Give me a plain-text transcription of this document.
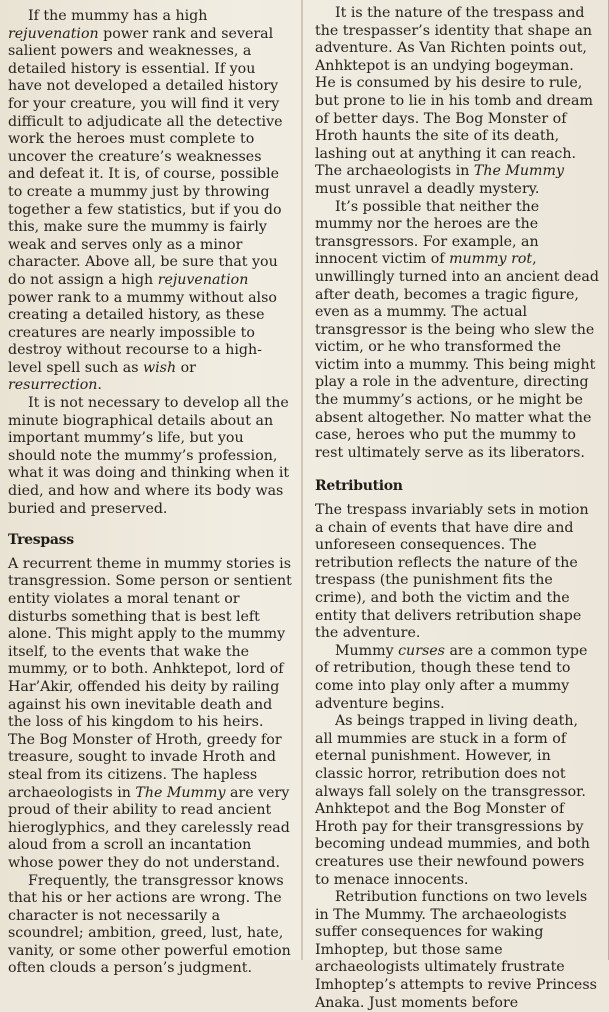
If the mummy has a high rejuvenation power rank and several salient powers and weaknesses, a detailed history is essential. If you have not developed a detailed history for your creature, you will find it very difficult to adjudicate all the detective work the heroes must complete to uncover the creature’s weaknesses and defeat it. It is, of course, possible to create a mummy just by throwing together a few statistics, but if you do this, make sure the mummy is fairly weak and serves only as a minor character. Above all, be sure that you do not assign a high rejuvenation power rank to a mummy without also creating a detailed history, as these creatures are nearly impossible to destroy without recourse to a high-level spell such as wish or resurrection.

It is not necessary to develop all the minute biographical details about an important mummy’s life, but you should note the mummy’s profession, what it was doing and thinking when it died, and how and where its body was buried and preserved.

Trespass

A recurrent theme in mummy stories is transgression. Some person or sentient entity violates a moral tenant or disturbs something that is best left alone. This might apply to the mummy itself, to the events that wake the mummy, or to both. Anhktepot, lord of Har’Akir, offended his deity by railing against his own inevitable death and the loss of his kingdom to his heirs. The Bog Monster of Hroth, greedy for treasure, sought to invade Hroth and steal from its citizens. The hapless archaeologists in The Mummy are very proud of their ability to read ancient hieroglyphics, and they carelessly read aloud from a scroll an incantation whose power they do not understand.

Frequently, the transgressor knows that his or her actions are wrong. The character is not necessarily a scoundrel; ambition, greed, lust, hate, vanity, or some other powerful emotion often clouds a person’s judgment.

It is the nature of the trespass and the trespasser’s identity that shape an adventure. As Van Richten points out, Anhktepot is an undying bogeyman. He is consumed by his desire to rule, but prone to lie in his tomb and dream of better days. The Bog Monster of Hroth haunts the site of its death, lashing out at anything it can reach. The archaeologists in The Mummy must unravel a deadly mystery.

It’s possible that neither the mummy nor the heroes are the transgressors. For example, an innocent victim of mummy rot, unwillingly turned into an ancient dead after death, becomes a tragic figure, even as a mummy. The actual transgressor is the being who slew the victim, or he who transformed the victim into a mummy. This being might play a role in the adventure, directing the mummy’s actions, or he might be absent altogether. No matter what the case, heroes who put the mummy to rest ultimately serve as its liberators.

Retribution

The trespass invariably sets in motion a chain of events that have dire and unforeseen consequences. The retribution reflects the nature of the trespass (the punishment fits the crime), and both the victim and the entity that delivers retribution shape the adventure.

Mummy curses are a common type of retribution, though these tend to come into play only after a mummy adventure begins.

As beings trapped in living death, all mummies are stuck in a form of eternal punishment. However, in classic horror, retribution does not always fall solely on the transgressor. Anhktepot and the Bog Monster of Hroth pay for their transgressions by becoming undead mummies, and both creatures use their newfound powers to menace innocents.

Retribution functions on two levels in The Mummy. The archaeologists suffer consequences for waking Imhoptep, but those same archaeologists ultimately frustrate Imhoptep’s attempts to revive Princess Anaka. Just moments before
